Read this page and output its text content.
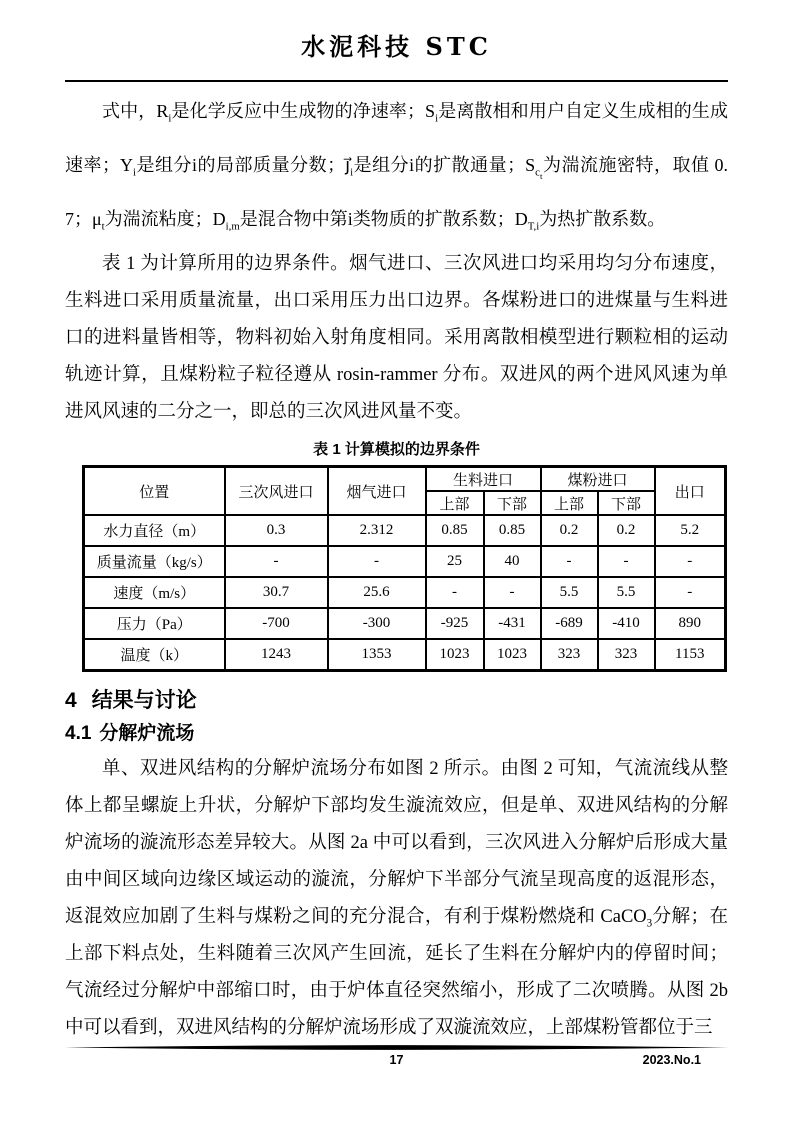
水泥科技 STC

式中，$R_i$是化学反应中生成物的净速率；$S_i$是离散相和用户自定义生成相的生成速率；$Y_i$是组分i的局部质量分数；$j⃗_i$是组分i的扩散通量；$S_{c_t}$为湍流施密特，取值 0.7；$\mu_t$为湍流粘度；$D_{i,m}$是混合物中第i类物质的扩散系数；$D_{T,i}$为热扩散系数。

表 1 为计算所用的边界条件。烟气进口、三次风进口均采用均匀分布速度，生料进口采用质量流量，出口采用压力出口边界。各煤粉进口的进煤量与生料进口的进料量皆相等，物料初始入射角度相同。采用离散相模型进行颗粒相的运动轨迹计算，且煤粉粒子粒径遵从 rosin-rammer 分布。双进风的两个进风风速为单进风风速的二分之一，即总的三次风进风量不变。

表 1 计算模拟的边界条件
位置	三次风进口	烟气进口	生料进口		煤粉进口		出口
			上部	下部	上部	下部	
水力直径（m）	0.3	2.312	0.85	0.85	0.2	0.2	5.2
质量流量（kg/s）	-	-	25	40	-	-	-
速度（m/s）	30.7	25.6	-	-	5.5	5.5	-
压力（Pa）	-700	-300	-925	-431	-689	-410	890
温度（k）	1243	1353	1023	1023	323	323	1153
4 结果与讨论
4.1 分解炉流场

单、双进风结构的分解炉流场分布如图 2 所示。由图 2 可知，气流流线从整体上都呈螺旋上升状，分解炉下部均发生漩流效应，但是单、双进风结构的分解炉流场的漩流形态差异较大。从图 2a 中可以看到，三次风进入分解炉后形成大量由中间区域向边缘区域运动的漩流，分解炉下半部分气流呈现高度的返混形态，返混效应加剧了生料与煤粉之间的充分混合，有利于煤粉燃烧和 CaCO$_3$分解；在上部下料点处，生料随着三次风产生回流，延长了生料在分解炉内的停留时间；气流经过分解炉中部缩口时，由于炉体直径突然缩小，形成了二次喷腾。从图 2b 中可以看到，双进风结构的分解炉流场形成了双漩流效应，上部煤粉管都位于三

17	2023.No.1
